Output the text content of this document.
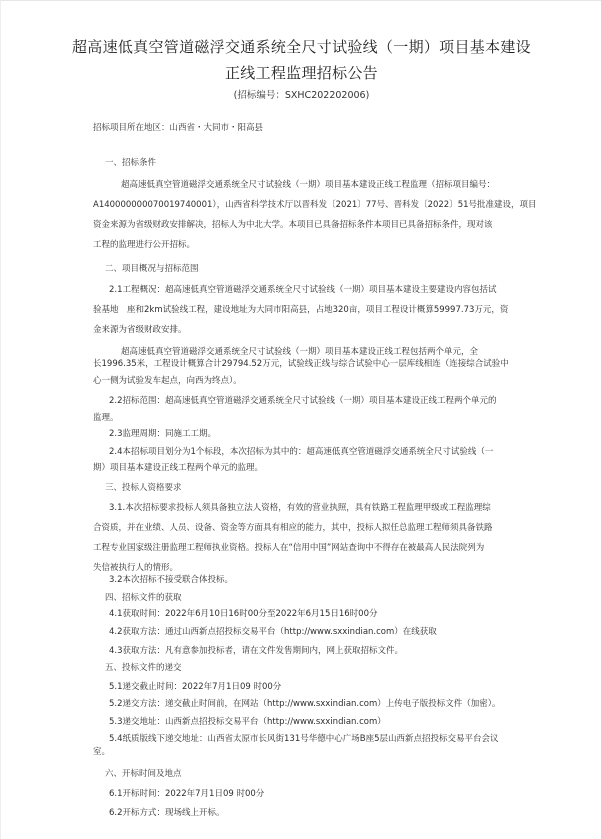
超高速低真空管道磁浮交通系统全尺寸试验线（一期）项目基本建设
正线工程监理招标公告
(招标编号：SXHC202202006)
招标项目所在地区：山西省・大同市・阳高县
一、招标条件
超高速低真空管道磁浮交通系统全尺寸试验线（一期）项目基本建设正线工程监理（招标项目编号：
A140000000070019740001），山西省科学技术厅以晋科发〔2021〕77号、晋科发〔2022〕51号批准建设，项目
资金来源为省级财政安排解决，招标人为中北大学。本项目已具备招标条件本项目已具备招标条件，现对该
工程的监理进行公开招标。
二、项目概况与招标范围
2.1工程概况：超高速低真空管道磁浮交通系统全尺寸试验线（一期）项目基本建设主要建设内容包括试
验基地　座和2km试验线工程，建设地址为大同市阳高县，占地320亩，项目工程设计概算59997.73万元，资
金来源为省级财政安排。
超高速低真空管道磁浮交通系统全尺寸试验线（一期）项目基本建设正线工程包括两个单元，全
长1996.35米，工程设计概算合计29794.52万元，试验线正线与综合试验中心一层库线相连（连接综合试验中
心一侧为试验发车起点，向西为终点）。
2.2招标范围：超高速低真空管道磁浮交通系统全尺寸试验线（一期）项目基本建设正线工程两个单元的
监理。
2.3监理周期：同施工工期。
2.4本招标项目划分为1个标段，本次招标为其中的：超高速低真空管道磁浮交通系统全尺寸试验线（一
期）项目基本建设正线工程两个单元的监理。
三、投标人资格要求
3.1.本次招标要求投标人须具备独立法人资格，有效的营业执照，具有铁路工程监理甲级或工程监理综
合资质，并在业绩、人员、设备、资金等方面具有相应的能力，其中，投标人拟任总监理工程师须具备铁路
工程专业国家级注册监理工程师执业资格。投标人在“信用中国”网站查询中不得存在被最高人民法院列为
失信被执行人的情形。
3.2本次招标不接受联合体投标。
四、招标文件的获取
4.1获取时间：2022年6月10日16时00分至2022年6月15日16时00分
4.2获取方法：通过山西新点招投标交易平台（http://www.sxxindian.com）在线获取
4.3获取方法：凡有意参加投标者，请在文件发售期间内，网上获取招标文件。
五、投标文件的递交
5.1递交截止时间：2022年7月1日09 时00分
5.2递交方法：递交截止时间前，在网站（http://www.sxxindian.com）上传电子版投标文件（加密）。
5.3递交地址：山西新点招投标交易平台（http://www.sxxindian.com）
5.4纸质版线下递交地址：山西省太原市长风街131号华德中心广场B座5层山西新点招投标交易平台会议
室。
六、开标时间及地点
6.1开标时间：2022年7月1日09 时00分
6.2开标方式：现场线上开标。
